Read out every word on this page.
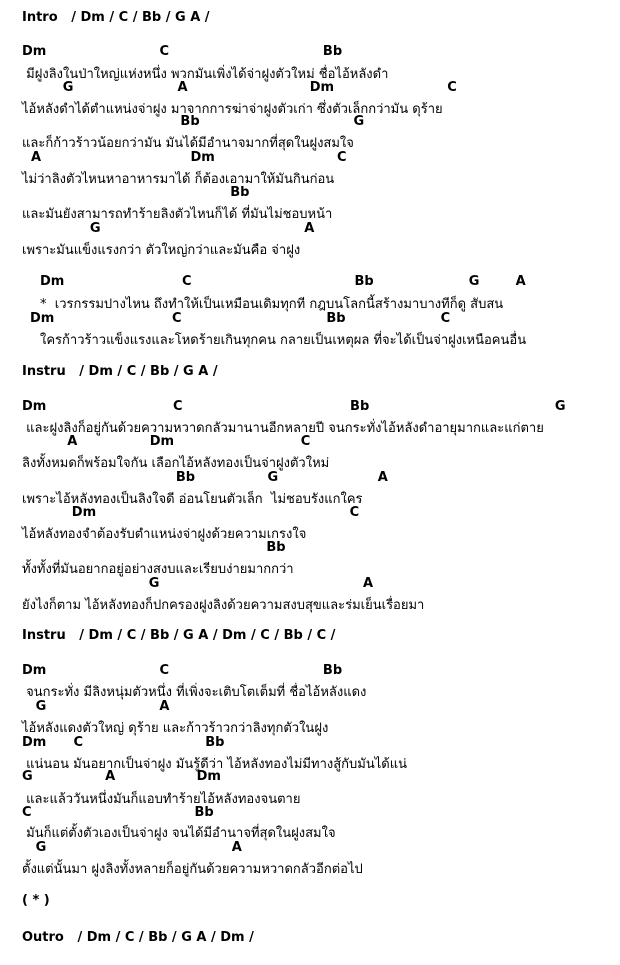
Intro   / Dm / C / Bb / G A /
Dm                         C                                  Bb
มีฝูงลิงในป่าใหญ่แห่งหนึ่ง พวกมันเพิ่งได้จ่าฝูงตัวใหม่ ชื่อไอ้หลังดำ
G                       A                           Dm                         C
ไอ้หลังดำได้ตำแหน่งจ่าฝูง มาจากการฆ่าจ่าฝูงตัวเก่า ซึ่งตัวเล็กกว่ามัน ดุร้าย
Bb                                  G
และก็ก้าวร้าวน้อยกว่ามัน มันได้มีอำนาจมากที่สุดในฝูงสมใจ
A                                 Dm                           C
ไม่ว่าลิงตัวไหนหาอาหารมาได้ ก็ต้องเอามาให้มันกินก่อน
Bb
และมันยังสามารถทำร้ายลิงตัวไหนก็ได้ ที่มันไม่ชอบหน้า
G                                             A
เพราะมันแข็งแรงกว่า ตัวใหญ่กว่าและมันคือ จ่าฝูง
Dm                          C                                    Bb                     G        A
*  เวรกรรมปางไหน ถึงทำให้เป็นเหมือนเดิมทุกที กฎบนโลกนี้สร้างมาบางทีก็ดู สับสน
Dm                          C                                Bb                     C
ใครก้าวร้าวแข็งแรงและโหดร้ายเกินทุกคน กลายเป็นเหตุผล ที่จะได้เป็นจ่าฝูงเหนือคนอื่น
Instru   / Dm / C / Bb / G A /
Dm                            C                                     Bb                                         G
และฝูงลิงก็อยู่กันด้วยความหวาดกลัวมานานอีกหลายปี จนกระทั่งไอ้หลังดำอายุมากและแก่ตาย
A                Dm                            C
ลิงทั้งหมดก็พร้อมใจกัน เลือกไอ้หลังทองเป็นจ่าฝูงตัวใหม่
Bb                G                      A
เพราะไอ้หลังทองเป็นลิงใจดี อ่อนโยนตัวเล็ก  ไม่ชอบรังแกใคร
Dm                                                        C
ไอ้หลังทองจำต้องรับตำแหน่งจ่าฝูงด้วยความเกรงใจ
Bb
ทั้งทั้งที่มันอยากอยู่อย่างสงบและเรียบง่ายมากกว่า
G                                             A
ยังไงก็ตาม ไอ้หลังทองก็ปกครองฝูงลิงด้วยความสงบสุขและร่มเย็นเรื่อยมา
Instru   / Dm / C / Bb / G A / Dm / C / Bb / C /
Dm                         C                                  Bb
จนกระทั่ง มีลิงหนุ่มตัวหนึ่ง ที่เพิ่งจะเติบโตเต็มที่ ชื่อไอ้หลังแดง
G                         A
ไอ้หลังแดงตัวใหญ่ ดุร้าย และก้าวร้าวกว่าลิงทุกตัวในฝูง
Dm      C                           Bb
แน่นอน มันอยากเป็นจ่าฝูง มันรู้ดีว่า ไอ้หลังทองไม่มีทางสู้กับมันได้แน่
G                A                  Dm
และแล้ววันหนึ่งมันก็แอบทำร้ายไอ้หลังทองจนตาย
C                                    Bb
มันก็แต่ตั้งตัวเองเป็นจ่าฝูง จนได้มีอำนาจที่สุดในฝูงสมใจ
G                                         A
ตั้งแต่นั้นมา ฝูงลิงทั้งหลายก็อยู่กันด้วยความหวาดกลัวอีกต่อไป
( * )
Outro   / Dm / C / Bb / G A / Dm /
